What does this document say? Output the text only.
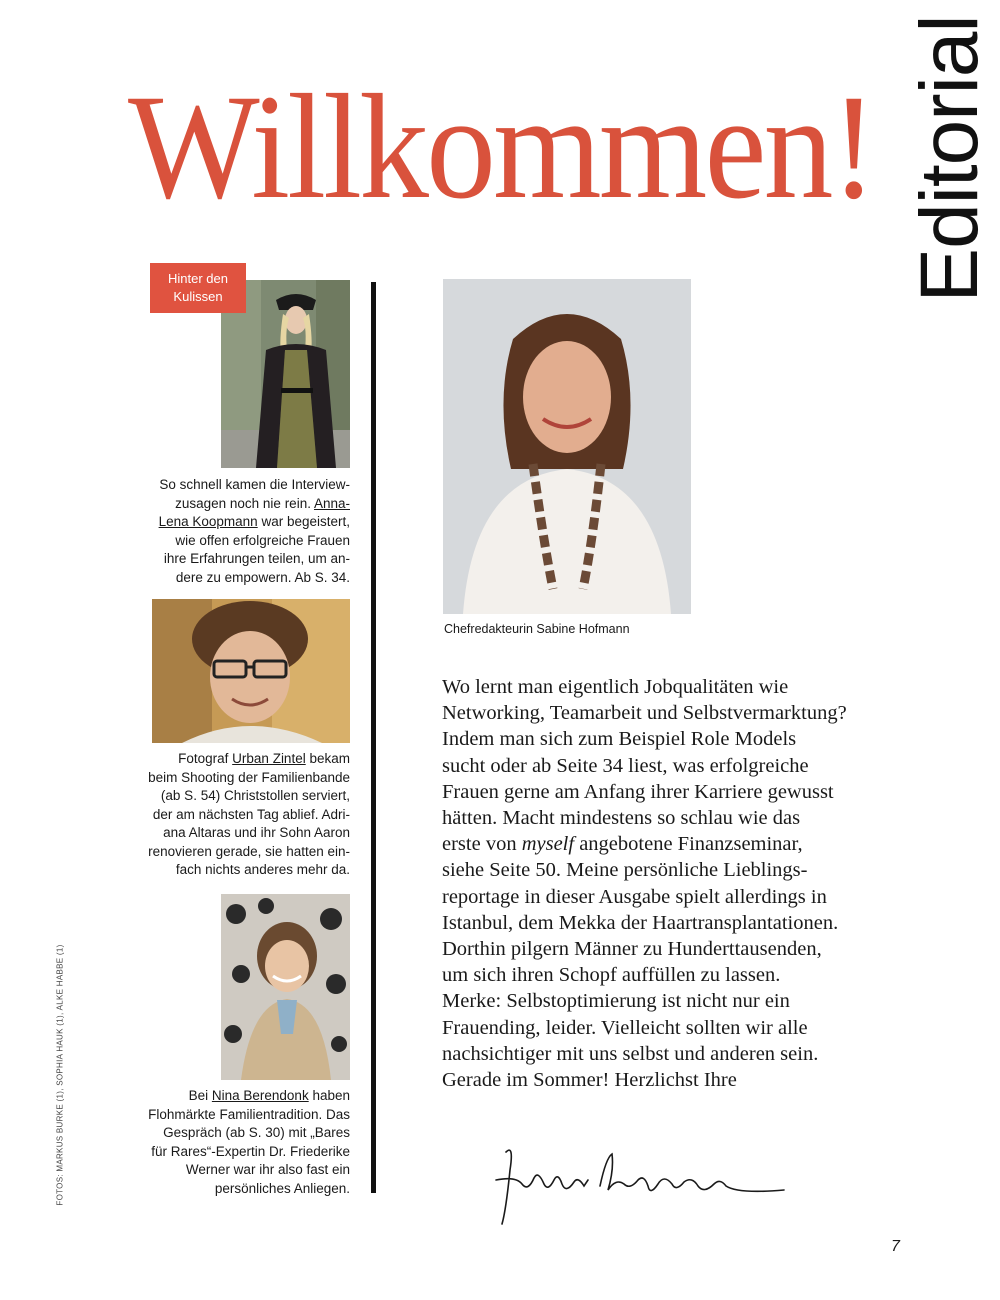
Willkommen! Editorial
Hinter den
Kulissen
So schnell kamen die Interview-
zusagen noch nie rein. Anna-
Lena Koopmann war begeistert,
wie offen erfolgreiche Frauen
ihre Erfahrungen teilen, um an-
dere zu empowern. Ab S. 34.
Fotograf Urban Zintel bekam
beim Shooting der Familienbande
(ab S. 54) Christstollen serviert,
der am nächsten Tag ablief. Adri-
ana Altaras und ihr Sohn Aaron
renovieren gerade, sie hatten ein-
fach nichts anderes mehr da.
Bei Nina Berendonk haben
Flohmärkte Familientradition. Das
Gespräch (ab S. 30) mit „Bares
für Rares“-Expertin Dr. Friederike
Werner war ihr also fast ein
persönliches Anliegen.
FOTOS: MARKUS BURKE (1), SOPHIA HAUK (1), ALKE HABBE (1)
Chefredakteurin Sabine Hofmann
Wo lernt man eigentlich Jobqualitäten wie
Networking, Teamarbeit und Selbstvermarktung?
Indem man sich zum Beispiel Role Models
sucht oder ab Seite 34 liest, was erfolgreiche
Frauen gerne am Anfang ihrer Karriere gewusst
hätten. Macht mindestens so schlau wie das
erste von myself angebotene Finanzseminar,
siehe Seite 50. Meine persönliche Lieblings-
reportage in dieser Ausgabe spielt allerdings in
Istanbul, dem Mekka der Haartransplantationen.
Dorthin pilgern Männer zu Hunderttausenden,
um sich ihren Schopf auffüllen zu lassen.
Merke: Selbstoptimierung ist nicht nur ein
Frauending, leider. Vielleicht sollten wir alle
nachsichtiger mit uns selbst und anderen sein.
Gerade im Sommer! Herzlichst Ihre
7
